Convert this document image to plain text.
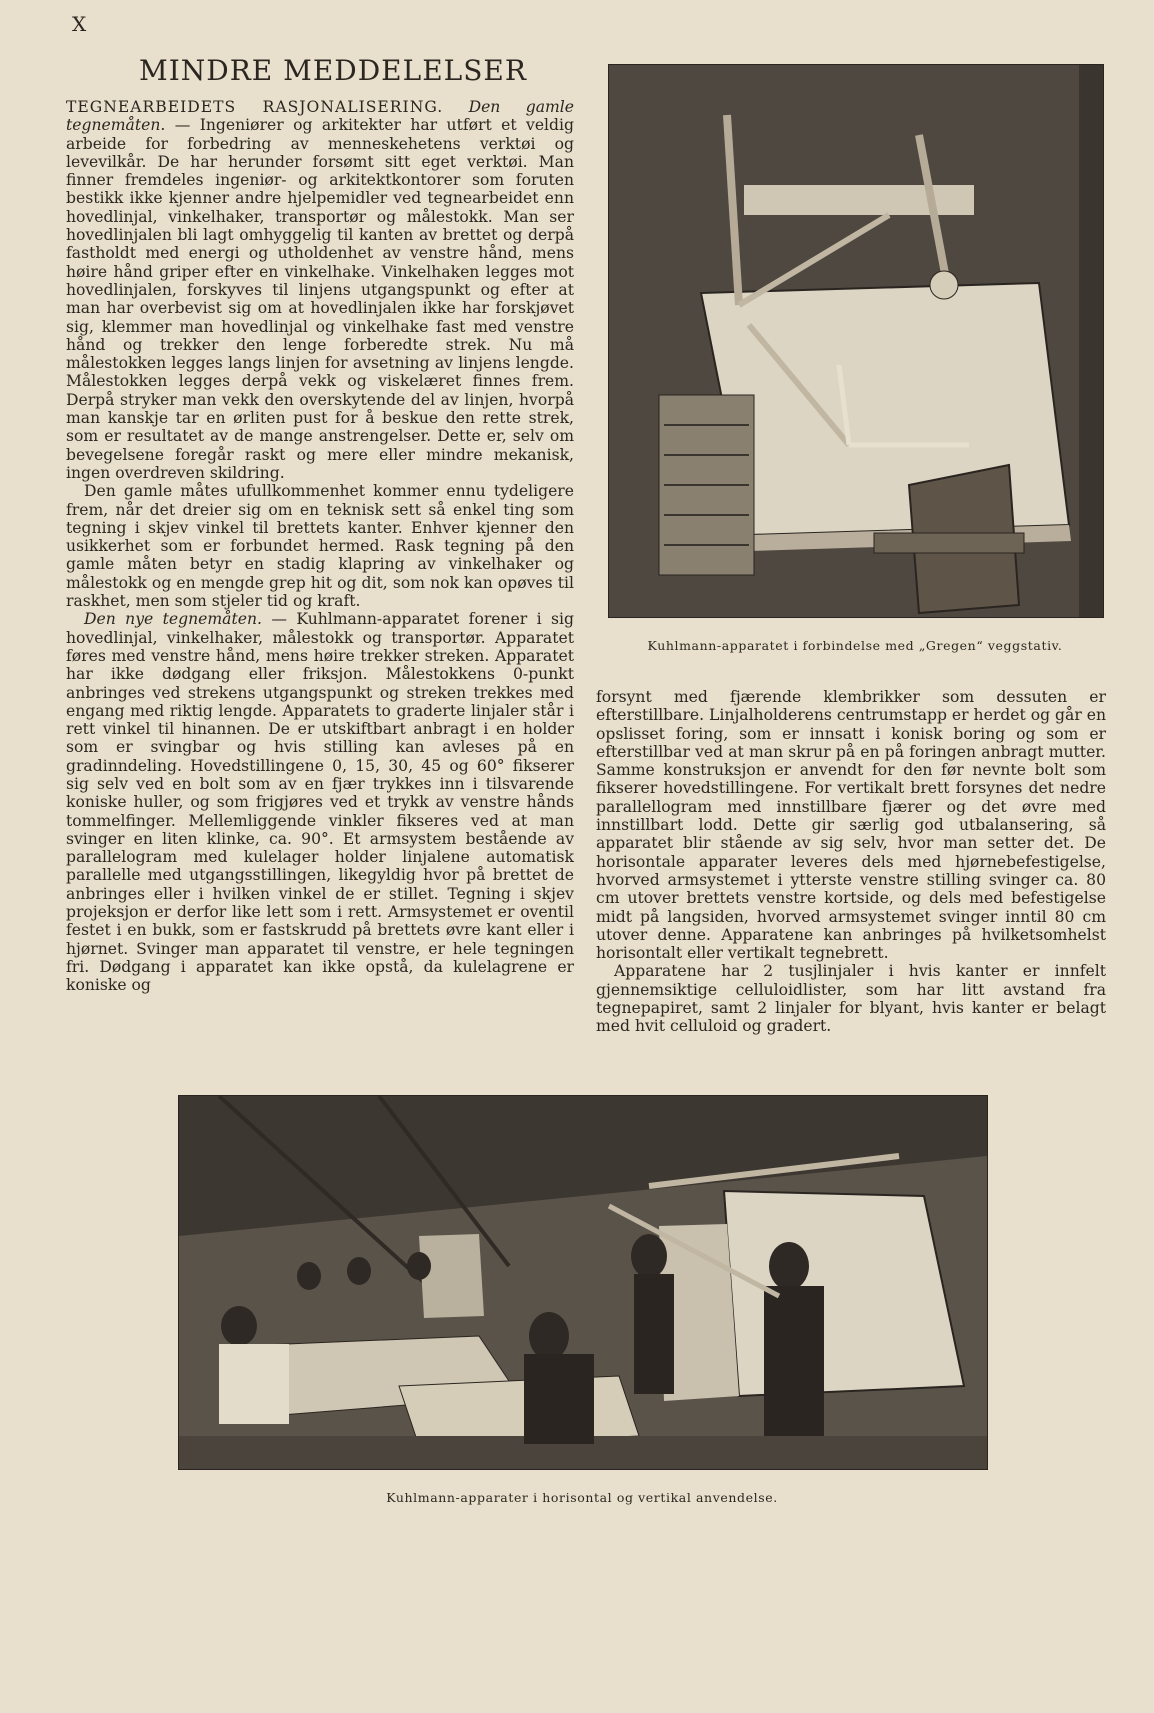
X
MINDRE MEDDELELSER

TEGNEARBEIDETS RASJONALISERING. Den gamle tegnemåten. — Ingeniører og arkitekter har utført et veldig arbeide for forbedring av menneskehetens verktøi og levevilkår. De har herunder forsømt sitt eget verktøi. Man finner fremdeles ingeniør- og arkitektkontorer som foruten bestikk ikke kjenner andre hjelpemidler ved tegnearbeidet enn hovedlinjal, vinkelhaker, transportør og målestokk. Man ser hovedlinjalen bli lagt omhyggelig til kanten av brettet og derpå fastholdt med energi og utholdenhet av venstre hånd, mens høire hånd griper efter en vinkelhake. Vinkelhaken legges mot hovedlinjalen, forskyves til linjens utgangspunkt og efter at man har overbevist sig om at hovedlinjalen ikke har forskjøvet sig, klemmer man hovedlinjal og vinkelhake fast med venstre hånd og trekker den lenge forberedte strek. Nu må målestokken legges langs linjen for avsetning av linjens lengde. Målestokken legges derpå vekk og viskelæret finnes frem. Derpå stryker man vekk den overskytende del av linjen, hvorpå man kanskje tar en ørliten pust for å beskue den rette strek, som er resultatet av de mange anstrengelser. Dette er, selv om bevegelsene foregår raskt og mere eller mindre mekanisk, ingen overdreven skildring.

Den gamle måtes ufullkommenhet kommer ennu tydeligere frem, når det dreier sig om en teknisk sett så enkel ting som tegning i skjev vinkel til brettets kanter. Enhver kjenner den usikkerhet som er forbundet hermed. Rask tegning på den gamle måten betyr en stadig klapring av vinkelhaker og målestokk og en mengde grep hit og dit, som nok kan opøves til raskhet, men som stjeler tid og kraft.

Den nye tegnemåten. — Kuhlmann-apparatet forener i sig hovedlinjal, vinkelhaker, målestokk og transportør. Apparatet føres med venstre hånd, mens høire trekker streken. Apparatet har ikke dødgang eller friksjon. Målestokkens 0-punkt anbringes ved strekens utgangspunkt og streken trekkes med engang med riktig lengde. Apparatets to graderte linjaler står i rett vinkel til hinannen. De er utskiftbart anbragt i en holder som er svingbar og hvis stilling kan avleses på en gradinndeling. Hovedstillingene 0, 15, 30, 45 og 60° fikserer sig selv ved en bolt som av en fjær trykkes inn i tilsvarende koniske huller, og som frigjøres ved et trykk av venstre hånds tommelfinger. Mellemliggende vinkler fikseres ved at man svinger en liten klinke, ca. 90°. Et armsystem bestående av parallelogram med kulelager holder linjalene automatisk parallelle med utgangsstillingen, likegyldig hvor på brettet de anbringes eller i hvilken vinkel de er stillet. Tegning i skjev projeksjon er derfor like lett som i rett. Armsystemet er oventil festet i en bukk, som er fastskrudd på brettets øvre kant eller i hjørnet. Svinger man apparatet til venstre, er hele tegningen fri. Dødgang i apparatet kan ikke opstå, da kulelagrene er koniske og

forsynt med fjærende klembrikker som dessuten er efterstillbare. Linjalholderens centrumstapp er herdet og går en opslisset foring, som er innsatt i konisk boring og som er efterstillbar ved at man skrur på en på foringen anbragt mutter. Samme konstruksjon er anvendt for den før nevnte bolt som fikserer hovedstillingene. For vertikalt brett forsynes det nedre parallellogram med innstillbare fjærer og det øvre med innstillbart lodd. Dette gir særlig god utbalansering, så apparatet blir stående av sig selv, hvor man setter det. De horisontale apparater leveres dels med hjørnebefestigelse, hvorved armsystemet i ytterste venstre stilling svinger ca. 80 cm utover brettets venstre kortside, og dels med befestigelse midt på langsiden, hvorved armsystemet svinger inntil 80 cm utover denne. Apparatene kan anbringes på hvilketsomhelst horisontalt eller vertikalt tegnebrett.

Apparatene har 2 tusjlinjaler i hvis kanter er innfelt gjennemsiktige celluloidlister, som har litt avstand fra tegnepapiret, samt 2 linjaler for blyant, hvis kanter er belagt med hvit celluloid og gradert.

Kuhlmann-apparatet i forbindelse med „Gregen“ veggstativ.
Kuhlmann-apparater i horisontal og vertikal anvendelse.
